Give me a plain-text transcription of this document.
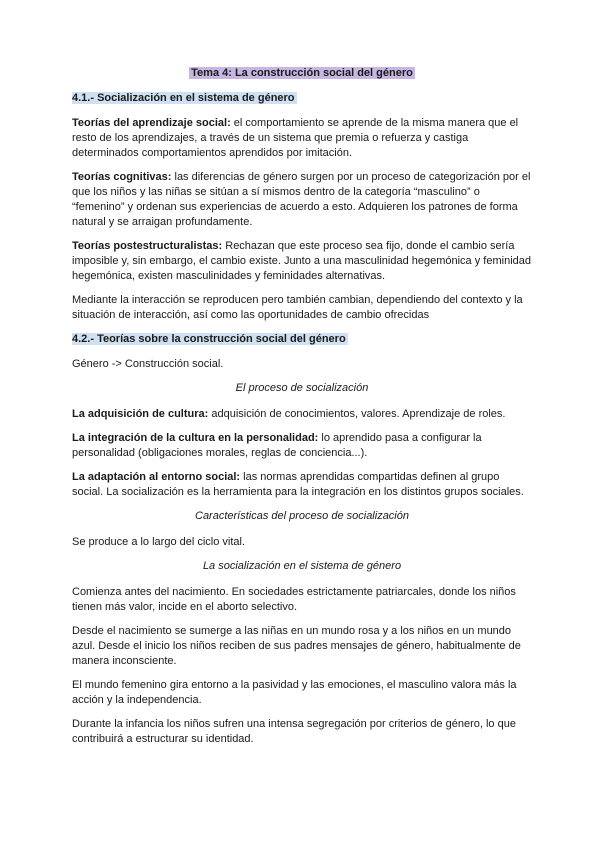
Tema 4: La construcción social del género
4.1.- Socialización en el sistema de género

Teorías del aprendizaje social: el comportamiento se aprende de la misma manera que el resto de los aprendizajes, a través de un sistema que premia o refuerza y castiga determinados comportamientos aprendidos por imitación.

Teorías cognitivas: las diferencias de género surgen por un proceso de categorización por el que los niños y las niñas se sitúan a sí mismos dentro de la categoría “masculino” o “femenino” y ordenan sus experiencias de acuerdo a esto. Adquieren los patrones de forma natural y se arraigan profundamente.

Teorías postestructuralistas: Rechazan que este proceso sea fijo, donde el cambio sería imposible y, sin embargo, el cambio existe. Junto a una masculinidad hegemónica y feminidad hegemónica, existen masculinidades y feminidades alternativas.

Mediante la interacción se reproducen pero también cambian, dependiendo del contexto y la situación de interacción, así como las oportunidades de cambio ofrecidas

4.2.- Teorías sobre la construcción social del género

Género -> Construcción social.

El proceso de socialización

La adquisición de cultura: adquisición de conocimientos, valores. Aprendizaje de roles.

La integración de la cultura en la personalidad: lo aprendido pasa a configurar la personalidad (obligaciones morales, reglas de conciencia...).

La adaptación al entorno social: las normas aprendidas compartidas definen al grupo social. La socialización es la herramienta para la integración en los distintos grupos sociales.

Características del proceso de socialización

Se produce a lo largo del ciclo vital.

La socialización en el sistema de género

Comienza antes del nacimiento. En sociedades estrictamente patriarcales, donde los niños tienen más valor, incide en el aborto selectivo.

Desde el nacimiento se sumerge a las niñas en un mundo rosa y a los niños en un mundo azul. Desde el inicio los niños reciben de sus padres mensajes de género, habitualmente de manera inconsciente.

El mundo femenino gira entorno a la pasividad y las emociones, el masculino valora más la acción y la independencia.

Durante la infancia los niños sufren una intensa segregación por criterios de género, lo que contribuirá a estructurar su identidad.
